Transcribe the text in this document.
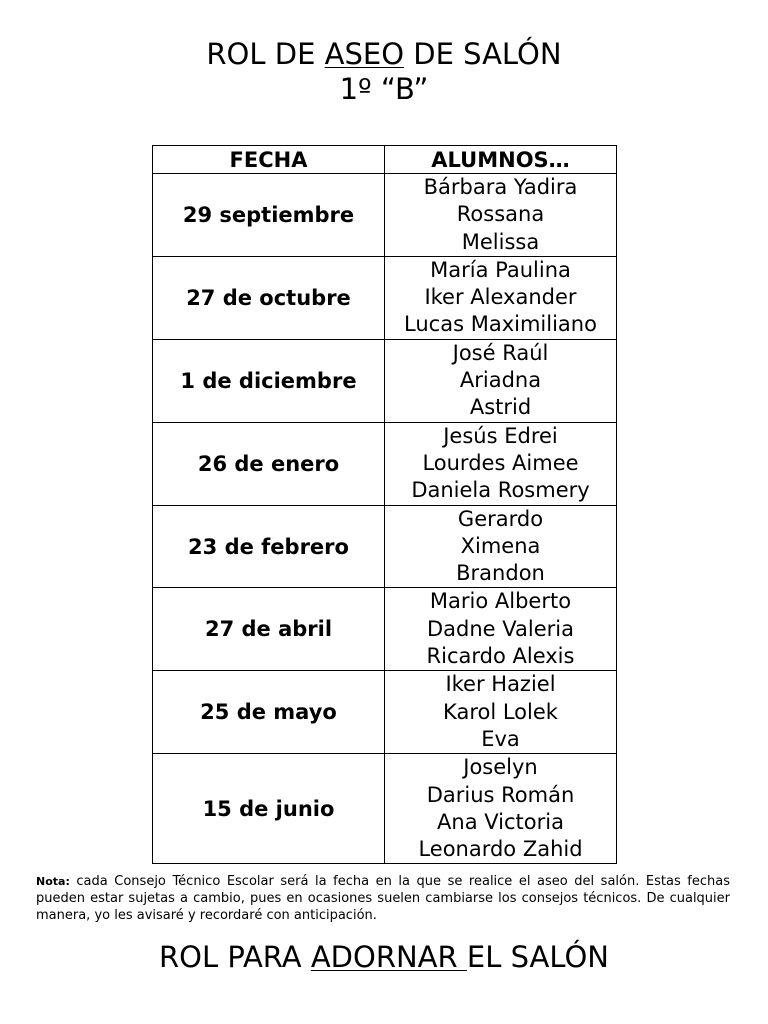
ROL DE ASEO DE SALÓN
1º “B”
FECHA	ALUMNOS…
29 septiembre	Bárbara Yadira
Rossana
Melissa

27 de octubre	María Paulina
Iker Alexander
Lucas Maximiliano

1 de diciembre	José Raúl
Ariadna
Astrid

26 de enero	Jesús Edrei
Lourdes Aimee
Daniela Rosmery

23 de febrero	Gerardo
Ximena
Brandon

27 de abril	Mario Alberto
Dadne Valeria
Ricardo Alexis

25 de mayo	Iker Haziel
Karol Lolek
Eva

15 de junio	Joselyn
Darius Román
Ana Victoria
Leonardo Zahid
Nota: cada Consejo Técnico Escolar será la fecha en la que se realice el aseo del salón. Estas fechas pueden estar sujetas a cambio, pues en ocasiones suelen cambiarse los consejos técnicos. De cualquier manera, yo les avisaré y recordaré con anticipación.
ROL PARA ADORNAR EL SALÓN
